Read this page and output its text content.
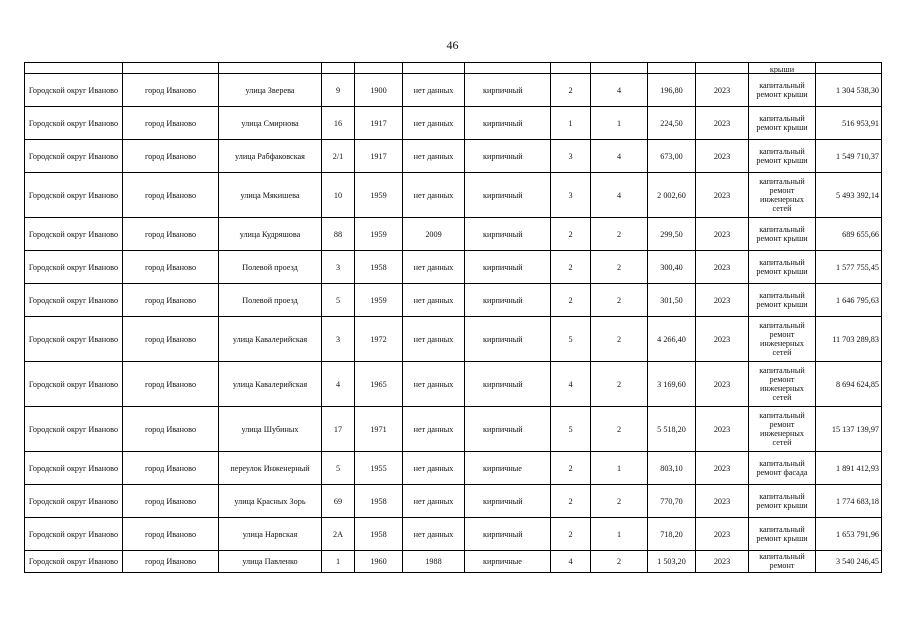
46

											крыши	

Городской округ Иваново	город Иваново	улица Зверева	9	1900	нет данных	кирпичный	2	4	196,80	2023	капитальный ремонт крыши	1 304 538,30
Городской округ Иваново	город Иваново	улица Смирнова	16	1917	нет данных	кирпичный	1	1	224,50	2023	капитальный ремонт крыши	516 953,91
Городской округ Иваново	город Иваново	улица Рабфаковская	2/1	1917	нет данных	кирпичный	3	4	673,00	2023	капитальный ремонт крыши	1 549 710,37
Городской округ Иваново	город Иваново	улица Мякишева	10	1959	нет данных	кирпичный	3	4	2 002,60	2023	капитальный ремонт инженерных сетей	5 493 392,14
Городской округ Иваново	город Иваново	улица Кудряшова	88	1959	2009	кирпичный	2	2	299,50	2023	капитальный ремонт крыши	689 655,66
Городской округ Иваново	город Иваново	Полевой проезд	3	1958	нет данных	кирпичный	2	2	300,40	2023	капитальный ремонт крыши	1 577 755,45
Городской округ Иваново	город Иваново	Полевой проезд	5	1959	нет данных	кирпичный	2	2	301,50	2023	капитальный ремонт крыши	1 646 795,63
Городской округ Иваново	город Иваново	улица Кавалерийская	3	1972	нет данных	кирпичный	5	2	4 266,40	2023	капитальный ремонт инженерных сетей	11 703 289,83
Городской округ Иваново	город Иваново	улица Кавалерийская	4	1965	нет данных	кирпичный	4	2	3 169,60	2023	капитальный ремонт инженерных сетей	8 694 624,85
Городской округ Иваново	город Иваново	улица Шубиных	17	1971	нет данных	кирпичный	5	2	5 518,20	2023	капитальный ремонт инженерных сетей	15 137 139,97
Городской округ Иваново	город Иваново	переулок Инженерный	5	1955	нет данных	кирпичные	2	1	803,10	2023	капитальный ремонт фасада	1 891 412,93
Городской округ Иваново	город Иваново	улица Красных Зорь	69	1958	нет данных	кирпичный	2	2	770,70	2023	капитальный ремонт крыши	1 774 683,18
Городской округ Иваново	город Иваново	улица Нарвская	2А	1958	нет данных	кирпичный	2	1	718,20	2023	капитальный ремонт крыши	1 653 791,96
Городской округ Иваново	город Иваново	улица Павленко	1	1960	1988	кирпичные	4	2	1 503,20	2023	капитальный ремонт	3 540 246,45
